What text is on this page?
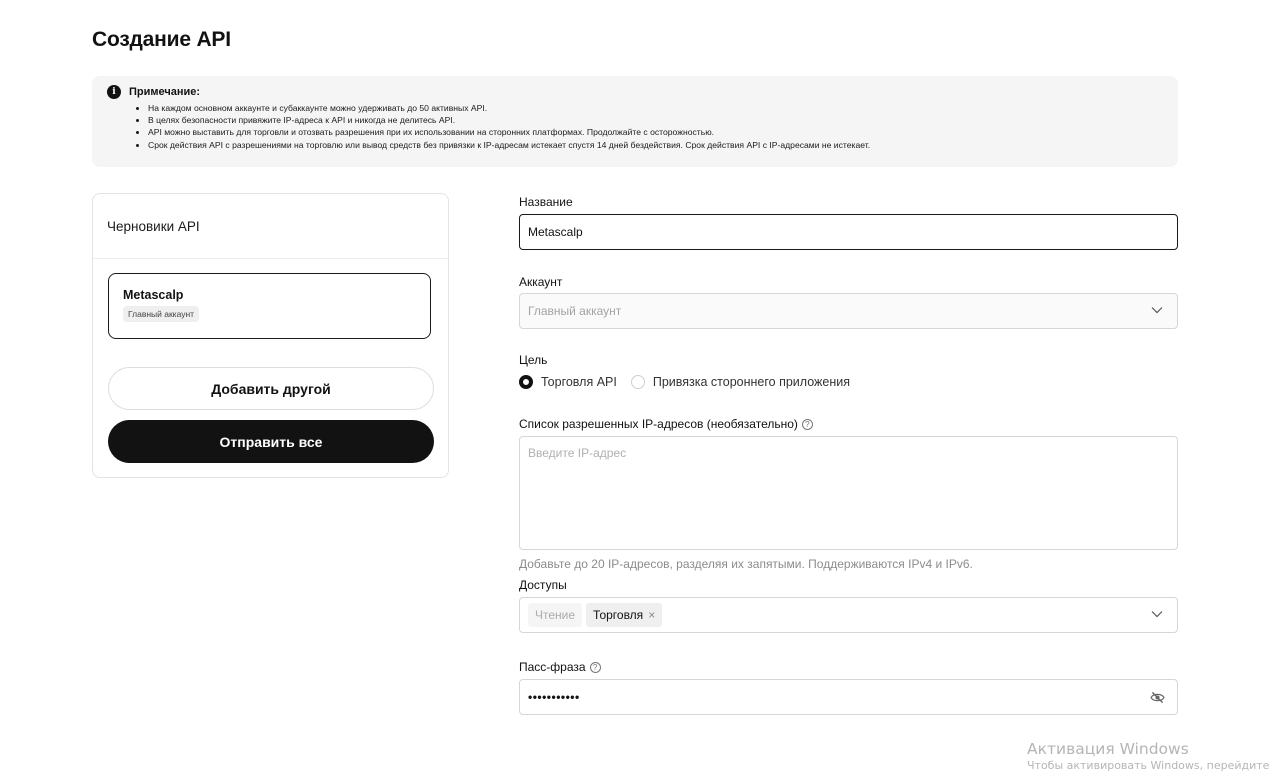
Создание API
i	Примечание:
• На каждом основном аккаунте и субаккаунте можно удерживать до 50 активных API.
• В целях безопасности привяжите IP-адреса к API и никогда не делитесь API.
• API можно выставить для торговли и отозвать разрешения при их использовании на сторонних платформах. Продолжайте с осторожностью.
• Срок действия API с разрешениями на торговлю или вывод средств без привязки к IP-адресам истекает спустя 14 дней бездействия. Срок действия API с IP-адресами не истекает.
Черновики API
Metascalp
Главный аккаунт
Добавить другой
Отправить все
Название
Metascalp
Аккаунт
Главный аккаунт
Цель
Торговля API	Привязка стороннего приложения
Список разрешенных IP-адресов (необязательно) ?
Введите IP-адрес
Добавьте до 20 IP-адресов, разделяя их запятыми. Поддерживаются IPv4 и IPv6.
Доступы
Чтение	Торговля ×
Пасс-фраза ?
•••••••••••
Активация Windows
Чтобы активировать Windows, перейдите
